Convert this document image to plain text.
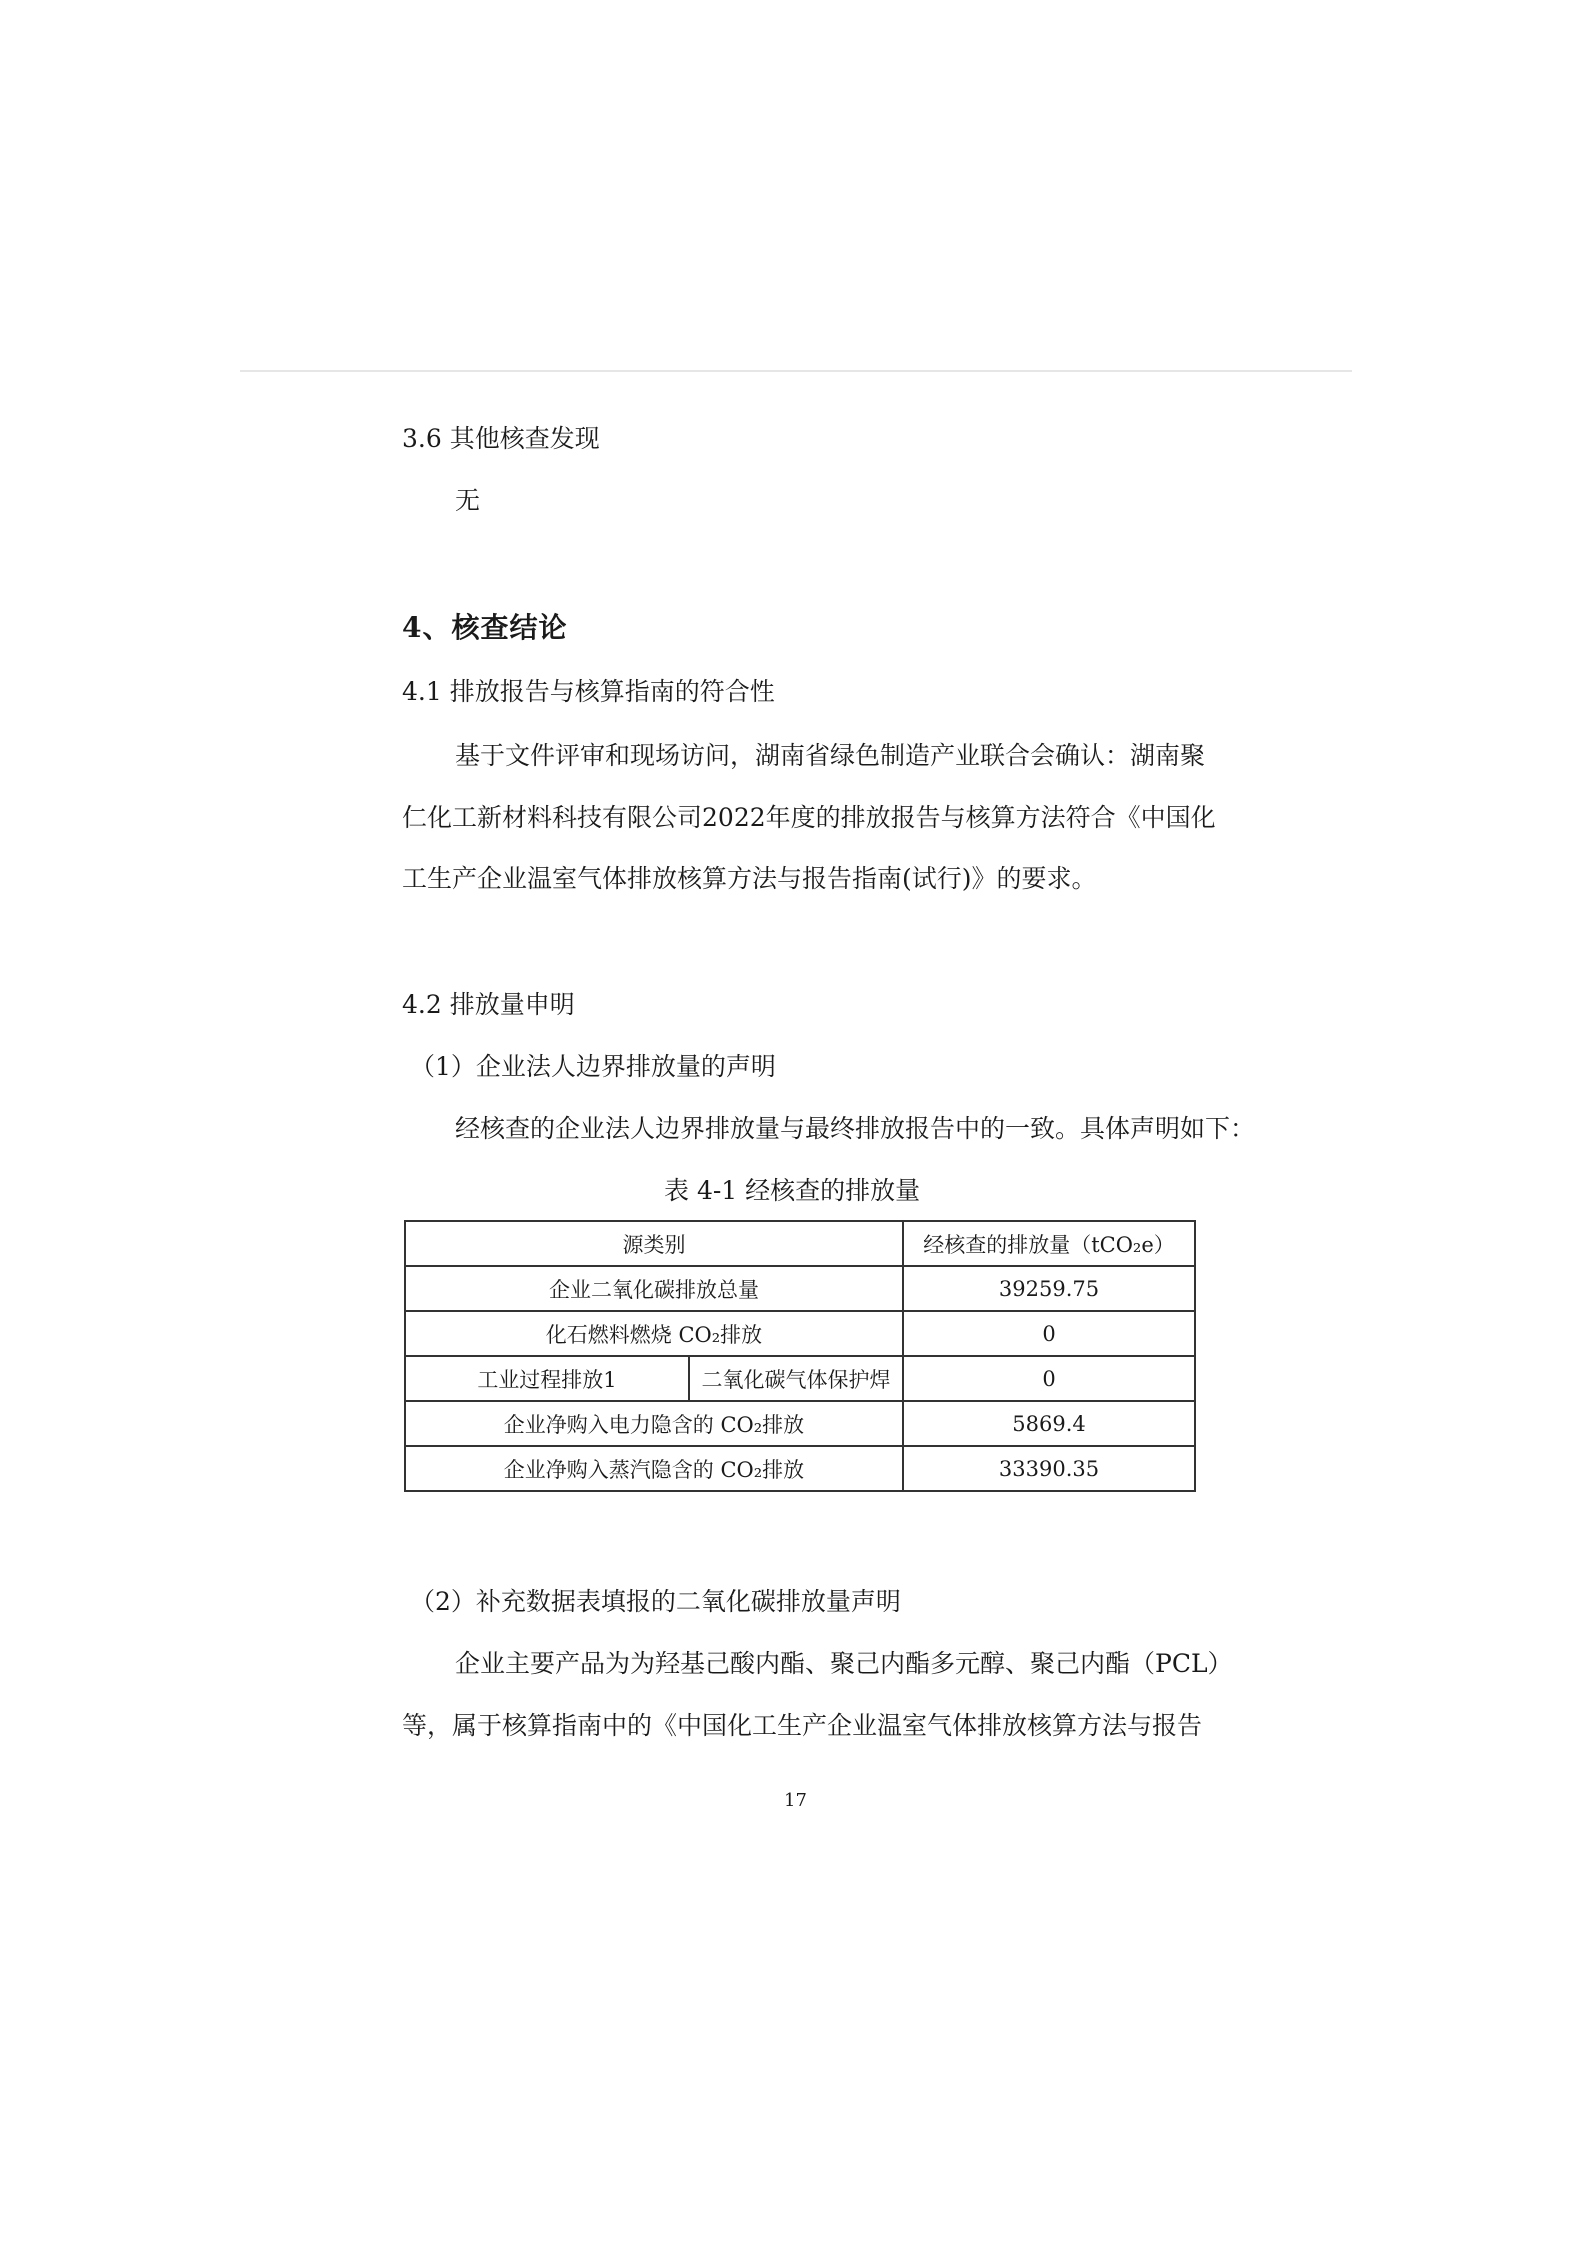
3.6 其他核查发现
无
4、核查结论
4.1 排放报告与核算指南的符合性
基于文件评审和现场访问，湖南省绿色制造产业联合会确认：湖南聚
仁化工新材料科技有限公司2022年度的排放报告与核算方法符合《中国化
工生产企业温室气体排放核算方法与报告指南(试行)》的要求。
4.2 排放量申明
（1）企业法人边界排放量的声明
经核查的企业法人边界排放量与最终排放报告中的一致。具体声明如下：
表 4-1 经核查的排放量
源类别		经核查的排放量（tCO₂e）
企业二氧化碳排放总量		39259.75
化石燃料燃烧 CO₂排放		0
工业过程排放1	二氧化碳气体保护焊	0
企业净购入电力隐含的 CO₂排放		5869.4
企业净购入蒸汽隐含的 CO₂排放		33390.35
（2）补充数据表填报的二氧化碳排放量声明
企业主要产品为为羟基己酸内酯、聚己内酯多元醇、聚己内酯（PCL）
等，属于核算指南中的《中国化工生产企业温室气体排放核算方法与报告
17
